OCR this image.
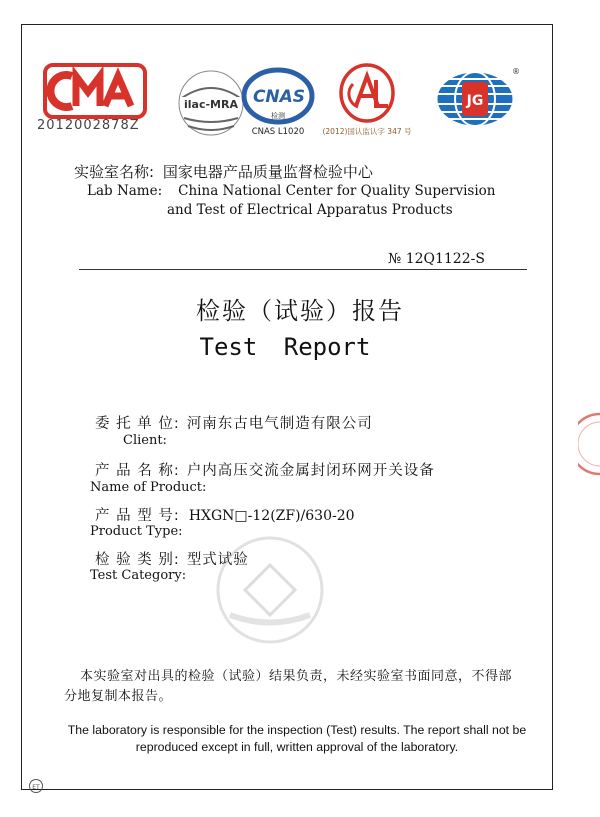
2012002878Z
ilac-MRA CNAS
检测
CNAS L1020 (2012)国认监认字 347 号
JG
®
实验室名称: 国家电器产品质量监督检验中心
Lab Name: China National Center for Quality Supervision
and Test of Electrical Apparatus Products
№ 12Q1122-S
检验（试验）报告
Test Report
委 托 单 位: 河南东古电气制造有限公司
Client:
产 品 名 称: 户内高压交流金属封闭环网开关设备
Name of Product:
产 品 型 号: HXGN□-12(ZF)/630-20
Product Type:
检 验 类 别: 型式试验
Test Category:
本实验室对出具的检验（试验）结果负责，未经实验室书面同意，不得部分地复制本报告。
The laboratory is responsible for the inspection (Test) results. The report shall not be reproduced except in full, written approval of the laboratory.
ET
